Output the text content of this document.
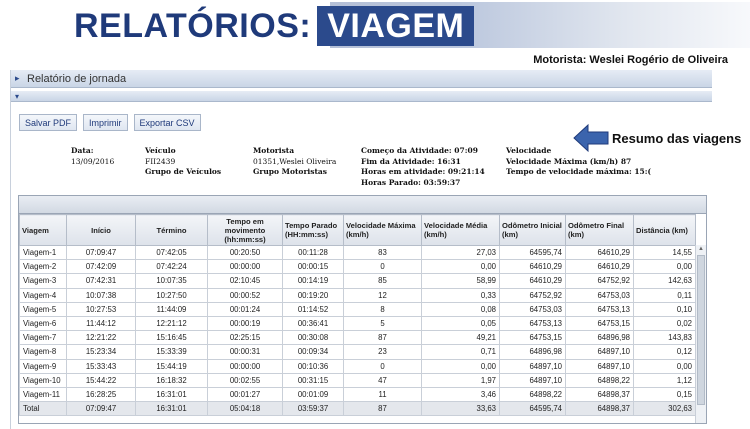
RELATÓRIOS: VIAGEM
Motorista: Weslei Rogério de Oliveira
▸ Relatório de jornada
▾
Salvar PDF	Imprimir	Exportar CSV
Data:
13/09/2016
Veículo
FII2439
Grupo de Veículos
Motorista
01351,Weslei Oliveira
Grupo Motoristas
Começo da Atividade: 07:09
Fim da Atividade: 16:31
Horas em atividade: 09:21:14
Horas Parado: 03:59:37
Velocidade
Velocidade Máxima (km/h) 87
Tempo de velocidade máxima: 15:(
Resumo das viagens
Viagem	Início	Término	Tempo em movimento (hh:mm:ss)	Tempo Parado (HH:mm:ss)	Velocidade Máxima (km/h)	Velocidade Média (km/h)	Odômetro Inicial (km)	Odômetro Final (km)	Distância (km)
Viagem-1	07:09:47	07:42:05	00:20:50	00:11:28	83	27,03	64595,74	64610,29	14,55
Viagem-2	07:42:09	07:42:24	00:00:00	00:00:15	0	0,00	64610,29	64610,29	0,00
Viagem-3	07:42:31	10:07:35	02:10:45	00:14:19	85	58,99	64610,29	64752,92	142,63
Viagem-4	10:07:38	10:27:50	00:00:52	00:19:20	12	0,33	64752,92	64753,03	0,11
Viagem-5	10:27:53	11:44:09	00:01:24	01:14:52	8	0,08	64753,03	64753,13	0,10
Viagem-6	11:44:12	12:21:12	00:00:19	00:36:41	5	0,05	64753,13	64753,15	0,02
Viagem-7	12:21:22	15:16:45	02:25:15	00:30:08	87	49,21	64753,15	64896,98	143,83
Viagem-8	15:23:34	15:33:39	00:00:31	00:09:34	23	0,71	64896,98	64897,10	0,12
Viagem-9	15:33:43	15:44:19	00:00:00	00:10:36	0	0,00	64897,10	64897,10	0,00
Viagem-10	15:44:22	16:18:32	00:02:55	00:31:15	47	1,97	64897,10	64898,22	1,12
Viagem-11	16:28:25	16:31:01	00:01:27	00:01:09	11	3,46	64898,22	64898,37	0,15
Total	07:09:47	16:31:01	05:04:18	03:59:37	87	33,63	64595,74	64898,37	302,63
▲
